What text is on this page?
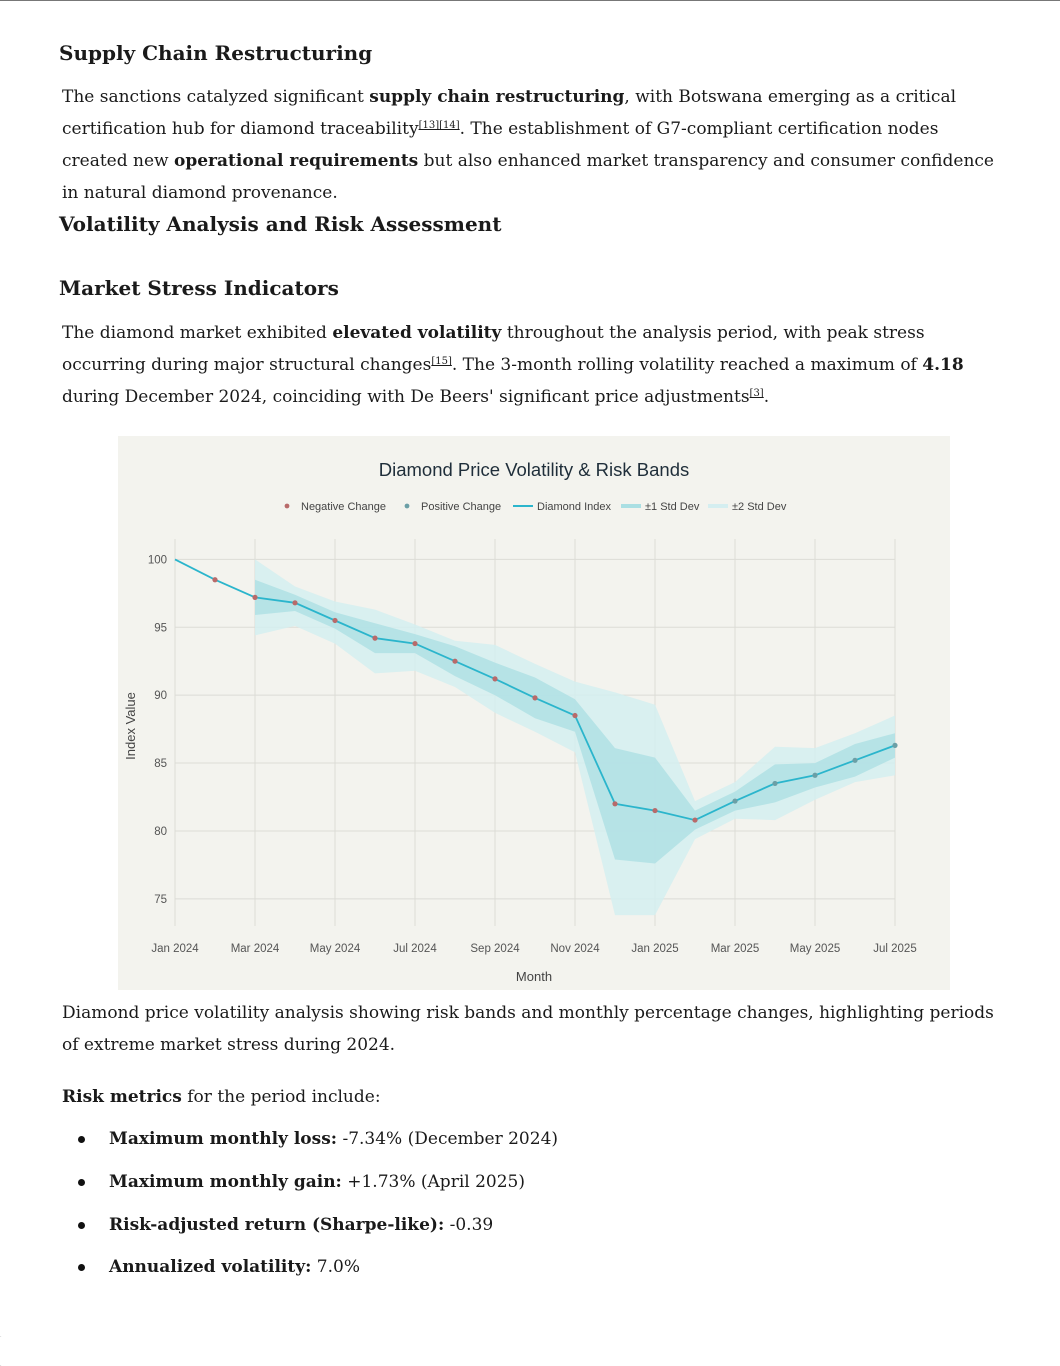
Supply Chain Restructuring

The sanctions catalyzed significant supply chain restructuring, with Botswana emerging as a critical certification hub for diamond traceability[13][14]. The establishment of G7-compliant certification nodes created new operational requirements but also enhanced market transparency and consumer confidence in natural diamond provenance.

Volatility Analysis and Risk Assessment
Market Stress Indicators

The diamond market exhibited elevated volatility throughout the analysis period, with peak stress occurring during major structural changes[15]. The 3-month rolling volatility reached a maximum of 4.18 during December 2024, coinciding with De Beers' significant price adjustments[3].

Diamond Price Volatility & Risk Bands
Negative Change	Positive Change	Diamond Index	±1 Std Dev	±2 Std Dev
75
80
85
90
95
100
Jan 2024	Mar 2024	May 2024	Jul 2024	Sep 2024	Nov 2024	Jan 2025	Mar 2025	May 2025	Jul 2025
Month
Index Value

Diamond price volatility analysis showing risk bands and monthly percentage changes, highlighting periods of extreme market stress during 2024.

Risk metrics for the period include:

Maximum monthly loss: -7.34% (December 2024)
Maximum monthly gain: +1.73% (April 2025)
Risk-adjusted return (Sharpe-like): -0.39
Annualized volatility: 7.0%
